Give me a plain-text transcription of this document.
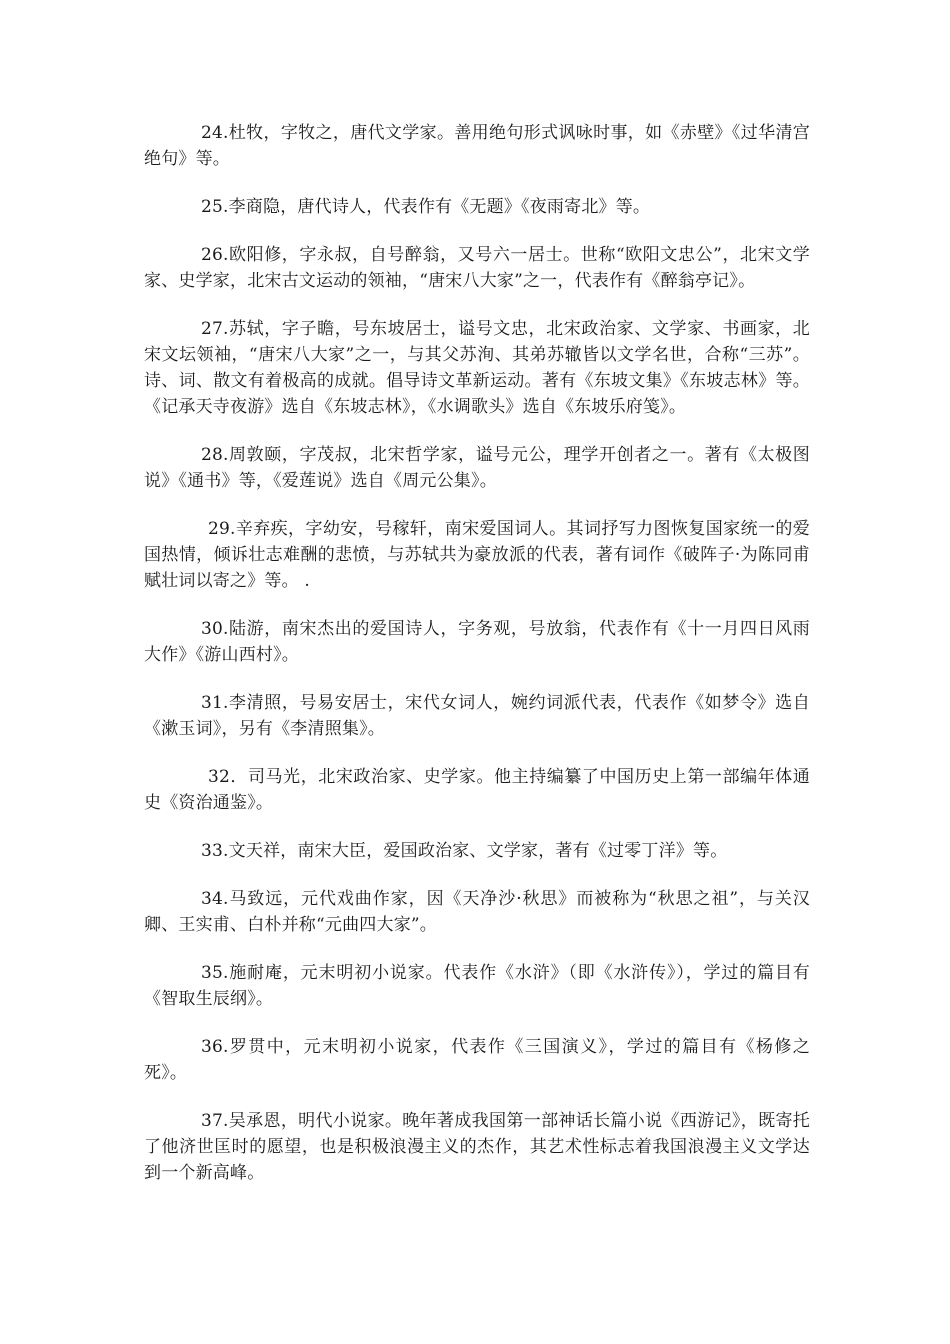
24.杜牧，字牧之，唐代文学家。善用绝句形式讽咏时事，如《赤壁》《过华清宫绝句》等。

25.李商隐，唐代诗人，代表作有《无题》《夜雨寄北》等。

26.欧阳修，字永叔，自号醉翁，又号六一居士。世称“欧阳文忠公”，北宋文学家、史学家，北宋古文运动的领袖，“唐宋八大家”之一，代表作有《醉翁亭记》。

27.苏轼，字子瞻，号东坡居士，谥号文忠，北宋政治家、文学家、书画家，北宋文坛领袖，“唐宋八大家”之一，与其父苏洵、其弟苏辙皆以文学名世，合称“三苏”。诗、词、散文有着极高的成就。倡导诗文革新运动。著有《东坡文集》《东坡志林》等。《记承天寺夜游》选自《东坡志林》，《水调歌头》选自《东坡乐府笺》。

28.周敦颐，字茂叔，北宋哲学家，谥号元公，理学开创者之一。著有《太极图说》《通书》等，《爱莲说》选自《周元公集》。

29.辛弃疾，字幼安，号稼轩，南宋爱国词人。其词抒写力图恢复国家统一的爱国热情，倾诉壮志难酬的悲愤，与苏轼共为豪放派的代表，著有词作《破阵子·为陈同甫赋壮词以寄之》等。 .

30.陆游，南宋杰出的爱国诗人，字务观，号放翁，代表作有《十一月四日风雨大作》《游山西村》。

31.李清照，号易安居士，宋代女词人，婉约词派代表，代表作《如梦令》选自《漱玉词》，另有《李清照集》。

32．司马光，北宋政治家、史学家。他主持编纂了中国历史上第一部编年体通史《资治通鉴》。

33.文天祥，南宋大臣，爱国政治家、文学家，著有《过零丁洋》等。

34.马致远，元代戏曲作家，因《天净沙·秋思》而被称为“秋思之祖”，与关汉卿、王实甫、白朴并称“元曲四大家”。

35.施耐庵，元末明初小说家。代表作《水浒》（即《水浒传》），学过的篇目有《智取生辰纲》。

36.罗贯中，元末明初小说家，代表作《三国演义》，学过的篇目有《杨修之死》。

37.吴承恩，明代小说家。晚年著成我国第一部神话长篇小说《西游记》，既寄托了他济世匡时的愿望，也是积极浪漫主义的杰作，其艺术性标志着我国浪漫主义文学达到一个新高峰。
